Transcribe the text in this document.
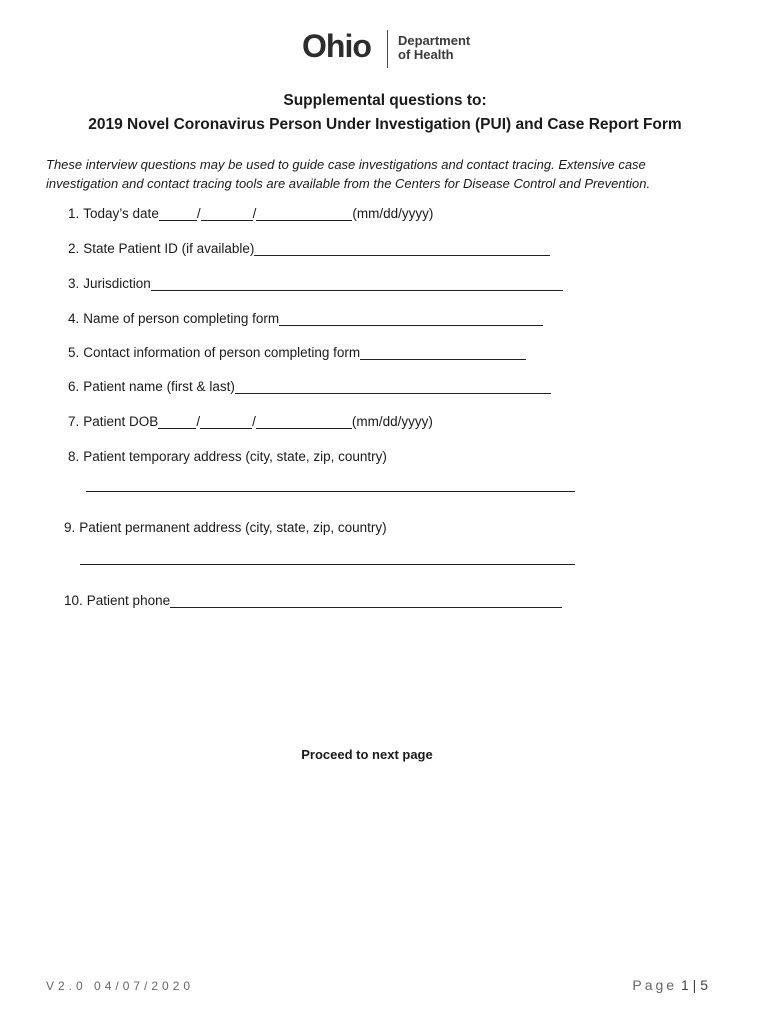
Ohio Department
of Health
Supplemental questions to:
2019 Novel Coronavirus Person Under Investigation (PUI) and Case Report Form
These interview questions may be used to guide case investigations and contact tracing. Extensive case investigation and contact tracing tools are available from the Centers for Disease Control and Prevention.
1. Today’s date	/	/	(mm/dd/yyyy)
2. State Patient ID (if available)
3. Jurisdiction
4. Name of person completing form
5. Contact information of person completing form
6. Patient name (first & last)
7. Patient DOB	/	/	(mm/dd/yyyy)
8. Patient temporary address (city, state, zip, country)
9. Patient permanent address (city, state, zip, country)
10. Patient phone
Proceed to next page
V2.0 04/07/2020	Page 1 | 5
